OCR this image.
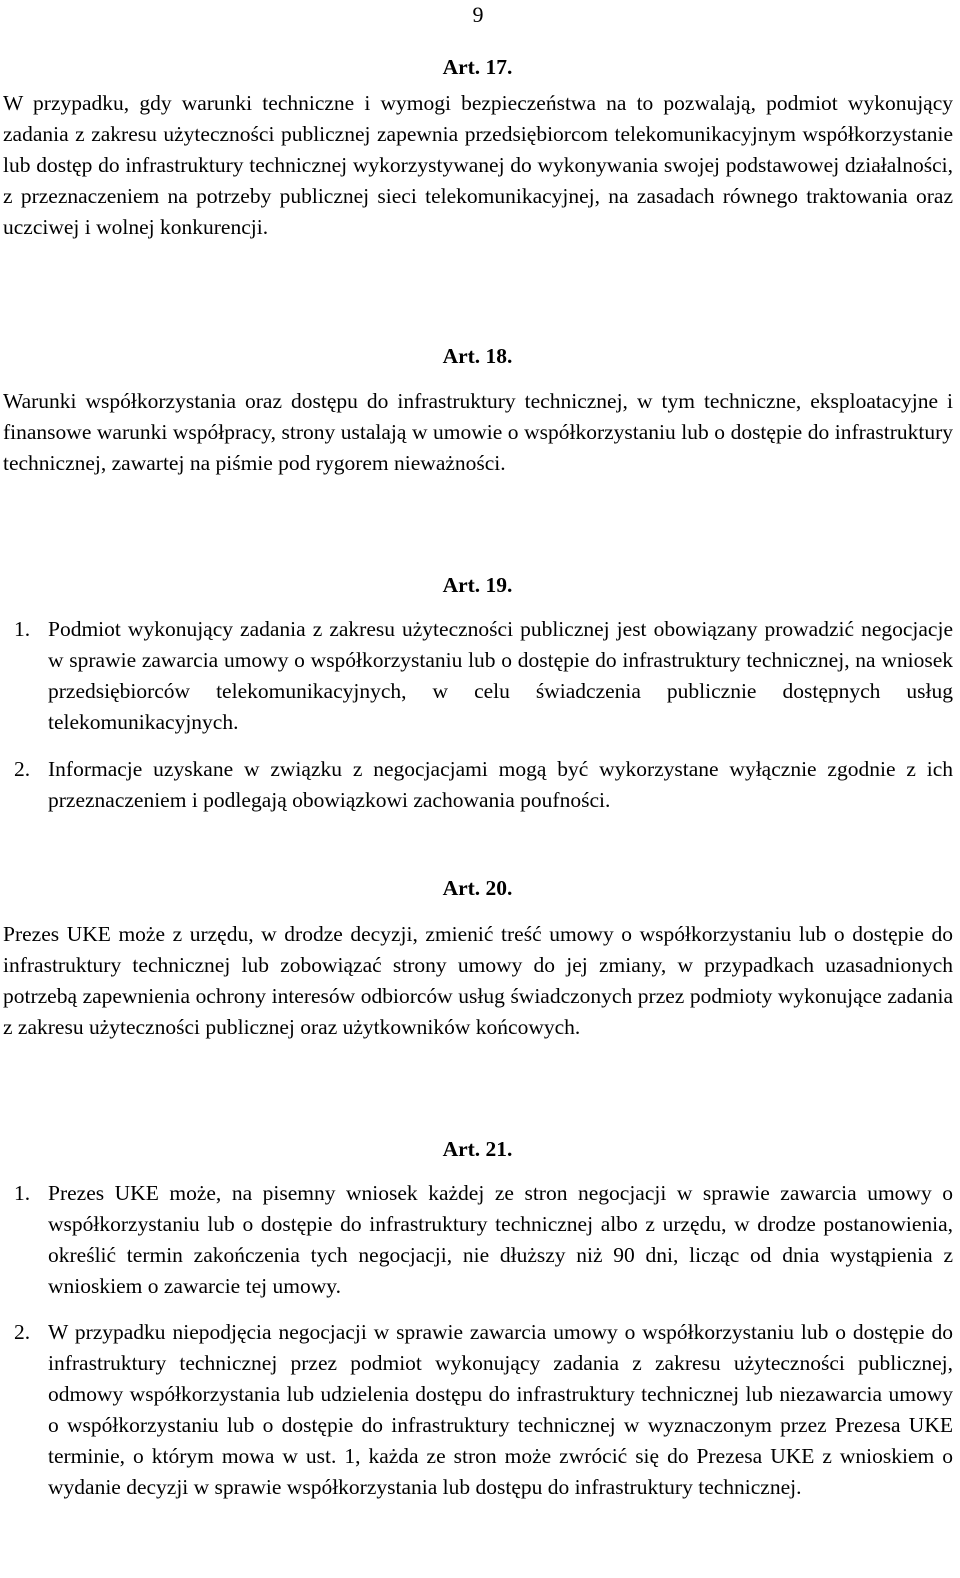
9
Art. 17.

W przypadku, gdy warunki techniczne i wymogi bezpieczeństwa na to pozwalają, podmiot wykonujący zadania z zakresu użyteczności publicznej zapewnia przedsiębiorcom telekomunikacyjnym współkorzystanie lub dostęp do infrastruktury technicznej wykorzystywanej do wykonywania swojej podstawowej działalności, z przeznaczeniem na potrzeby publicznej sieci telekomunikacyjnej, na zasadach równego traktowania oraz uczciwej i wolnej konkurencji.

Art. 18.

Warunki współkorzystania oraz dostępu do infrastruktury technicznej, w tym techniczne, eksploatacyjne i finansowe warunki współpracy, strony ustalają w umowie o współkorzystaniu lub o dostępie do infrastruktury technicznej, zawartej na piśmie pod rygorem nieważności.

Art. 19.
1. Podmiot wykonujący zadania z zakresu użyteczności publicznej jest obowiązany prowadzić negocjacje w sprawie zawarcia umowy o współkorzystaniu lub o dostępie do infrastruktury technicznej, na wniosek przedsiębiorców telekomunikacyjnych, w celu świadczenia publicznie dostępnych usług telekomunikacyjnych.
2. Informacje uzyskane w związku z negocjacjami mogą być wykorzystane wyłącznie zgodnie z ich przeznaczeniem i podlegają obowiązkowi zachowania poufności.
Art. 20.

Prezes UKE może z urzędu, w drodze decyzji, zmienić treść umowy o współkorzystaniu lub o dostępie do infrastruktury technicznej lub zobowiązać strony umowy do jej zmiany, w przypadkach uzasadnionych potrzebą zapewnienia ochrony interesów odbiorców usług świadczonych przez podmioty wykonujące zadania z zakresu użyteczności publicznej oraz użytkowników końcowych.

Art. 21.
1. Prezes UKE może, na pisemny wniosek każdej ze stron negocjacji w sprawie zawarcia umowy o współkorzystaniu lub o dostępie do infrastruktury technicznej albo z urzędu, w drodze postanowienia, określić termin zakończenia tych negocjacji, nie dłuższy niż 90 dni, licząc od dnia wystąpienia z wnioskiem o zawarcie tej umowy.
2. W przypadku niepodjęcia negocjacji w sprawie zawarcia umowy o współkorzystaniu lub o dostępie do infrastruktury technicznej przez podmiot wykonujący zadania z zakresu użyteczności publicznej, odmowy współkorzystania lub udzielenia dostępu do infrastruktury technicznej lub niezawarcia umowy o współkorzystaniu lub o dostępie do infrastruktury technicznej w wyznaczonym przez Prezesa UKE terminie, o którym mowa w ust. 1, każda ze stron może zwrócić się do Prezesa UKE z wnioskiem o wydanie decyzji w sprawie współkorzystania lub dostępu do infrastruktury technicznej.
